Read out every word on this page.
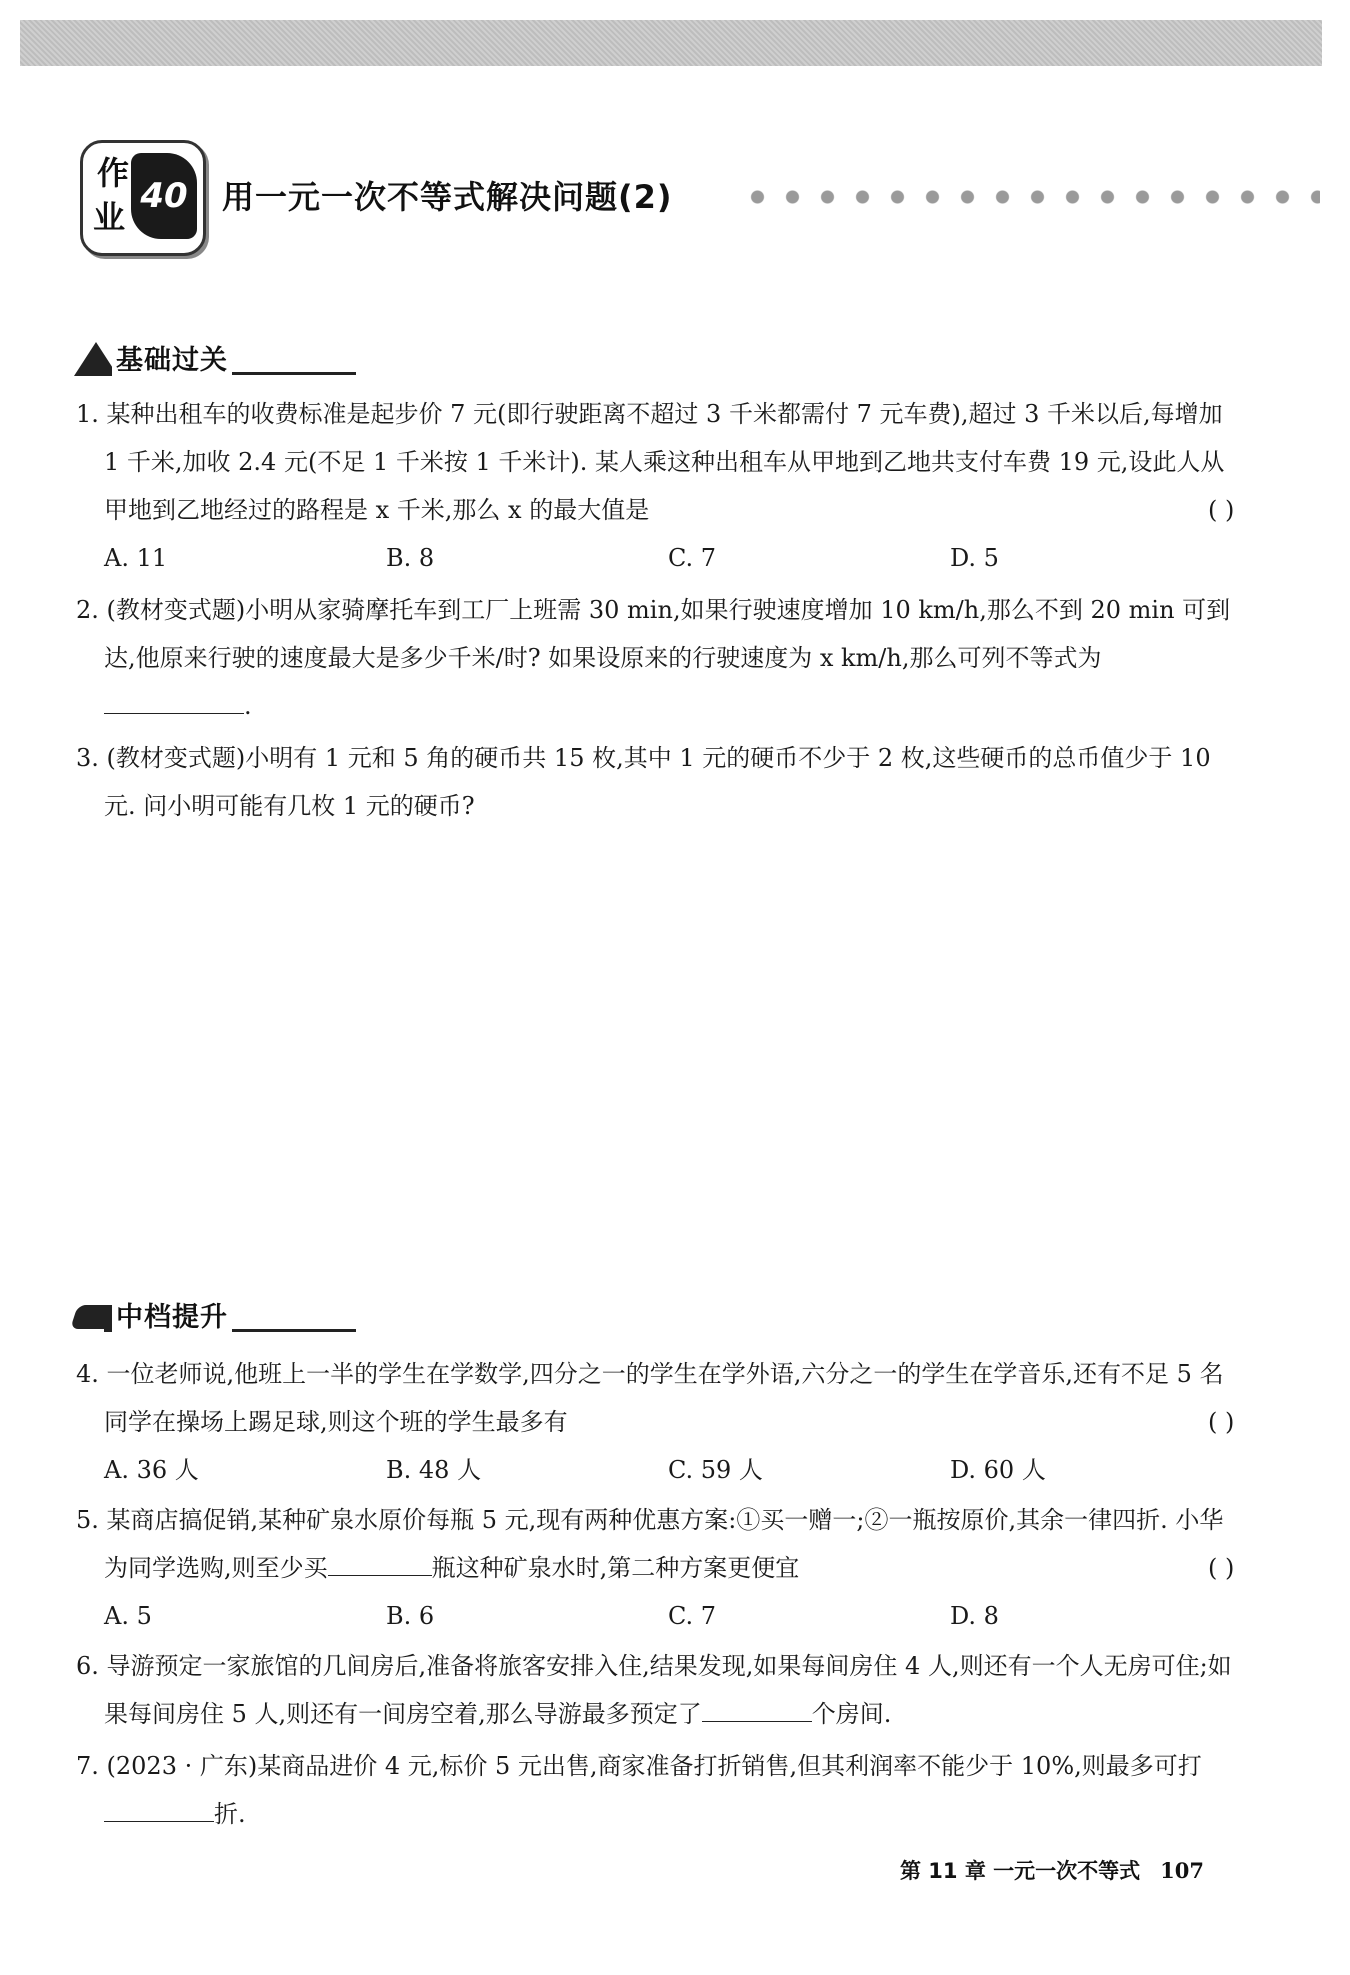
作
业
40 用一元一次不等式解决问题(2)
基础过关

1. 某种出租车的收费标准是起步价 7 元(即行驶距离不超过 3 千米都需付 7 元车费),超过 3 千米以后,每增加 1 千米,加收 2.4 元(不足 1 千米按 1 千米计). 某人乘这种出租车从甲地到乙地共支付车费 19 元,设此人从甲地到乙地经过的路程是 x 千米,那么 x 的最大值是	( )

A. 11	B. 8	C. 7	D. 5

2. (教材变式题)小明从家骑摩托车到工厂上班需 30 min,如果行驶速度增加 10 km/h,那么不到 20 min 可到达,他原来行驶的速度最大是多少千米/时? 如果设原来的行驶速度为 x km/h,那么可列不等式为.

3. (教材变式题)小明有 1 元和 5 角的硬币共 15 枚,其中 1 元的硬币不少于 2 枚,这些硬币的总币值少于 10 元. 问小明可能有几枚 1 元的硬币?

中档提升

4. 一位老师说,他班上一半的学生在学数学,四分之一的学生在学外语,六分之一的学生在学音乐,还有不足 5 名同学在操场上踢足球,则这个班的学生最多有	( )

A. 36 人	B. 48 人	C. 59 人	D. 60 人

5. 某商店搞促销,某种矿泉水原价每瓶 5 元,现有两种优惠方案:①买一赠一;②一瓶按原价,其余一律四折. 小华为同学选购,则至少买	瓶这种矿泉水时,第二种方案更便宜	( )

A. 5	B. 6	C. 7	D. 8

6. 导游预定一家旅馆的几间房后,准备将旅客安排入住,结果发现,如果每间房住 4 人,则还有一个人无房可住;如果每间房住 5 人,则还有一间房空着,那么导游最多预定了	个房间.

7. (2023 · 广东)某商品进价 4 元,标价 5 元出售,商家准备打折销售,但其利润率不能少于 10%,则最多可打折.

第 11 章 一元一次不等式 107
